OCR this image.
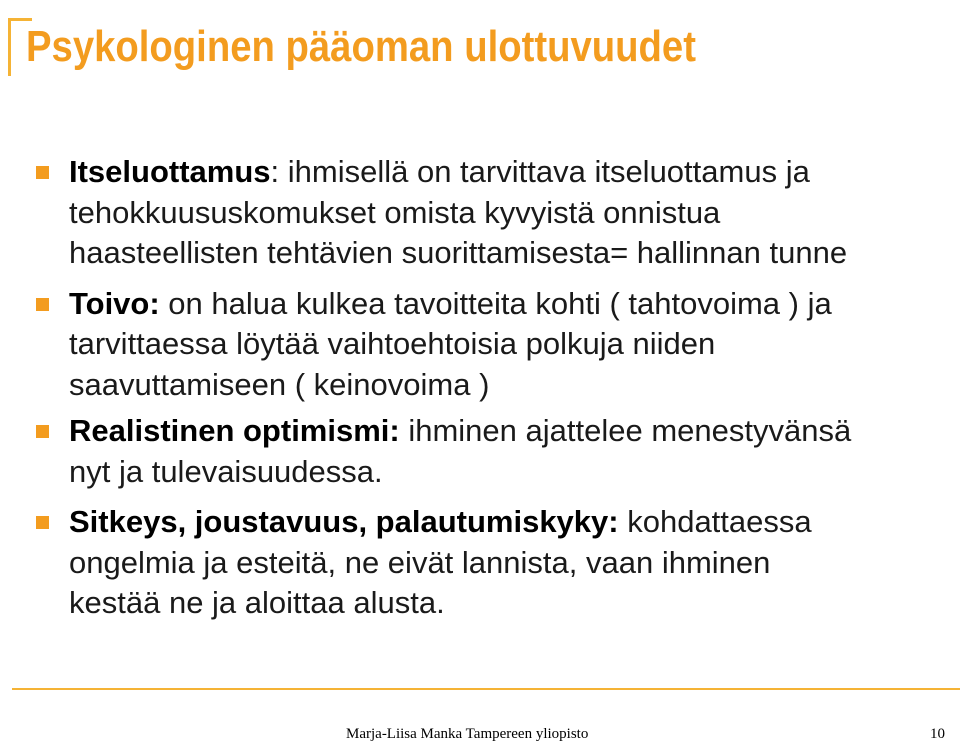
Psykologinen pääoman ulottuvuudet
Itseluottamus: ihmisellä on tarvittava itseluottamus ja
tehokkuususkomukset omista kyvyistä onnistua
haasteellisten tehtävien suorittamisesta= hallinnan tunne
Toivo: on halua kulkea tavoitteita kohti ( tahtovoima ) ja
tarvittaessa löytää vaihtoehtoisia polkuja niiden
saavuttamiseen ( keinovoima )
Realistinen optimismi: ihminen ajattelee menestyvänsä
nyt ja tulevaisuudessa.
Sitkeys, joustavuus, palautumiskyky: kohdattaessa
ongelmia ja esteitä, ne eivät lannista, vaan ihminen
kestää ne ja aloittaa alusta.
Marja-Liisa Manka Tampereen yliopisto	10
